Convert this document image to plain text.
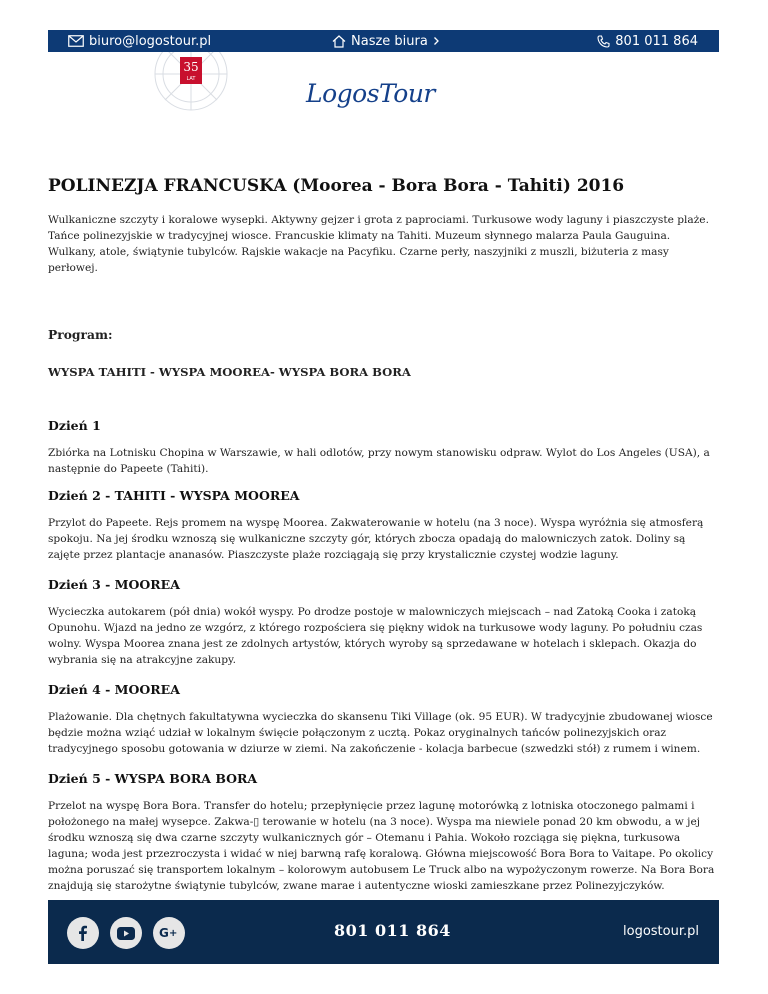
biuro@logostour.pl	Nasze biura	801 011 864
35
LAT	LogosTour
POLINEZJA FRANCUSKA (Moorea - Bora Bora - Tahiti) 2016

Wulkaniczne szczyty i koralowe wysepki. Aktywny gejzer i grota z paprociami. Turkusowe wody laguny i piaszczyste plaże. Tańce polinezyjskie w tradycyjnej wiosce. Francuskie klimaty na Tahiti. Muzeum słynnego malarza Paula Gauguina. Wulkany, atole, świątynie tubylców. Rajskie wakacje na Pacyfiku. Czarne perły, naszyjniki z muszli, biżuteria z masy perłowej.

Program:
WYSPA TAHITI - WYSPA MOOREA- WYSPA BORA BORA
Dzień 1

Zbiórka na Lotnisku Chopina w Warszawie, w hali odlotów, przy nowym stanowisku odpraw. Wylot do Los Angeles (USA), a następnie do Papeete (Tahiti).

Dzień 2 - TAHITI - WYSPA MOOREA

Przylot do Papeete. Rejs promem na wyspę Moorea. Zakwaterowanie w hotelu (na 3 noce). Wyspa wyróżnia się atmosferą spokoju. Na jej środku wznoszą się wulkaniczne szczyty gór, których zbocza opadają do malowniczych zatok. Doliny są zajęte przez plantacje ananasów. Piaszczyste plaże rozciągają się przy krystalicznie czystej wodzie laguny.

Dzień 3 - MOOREA

Wycieczka autokarem (pół dnia) wokół wyspy. Po drodze postoje w malowniczych miejscach – nad Zatoką Cooka i zatoką Opunohu. Wjazd na jedno ze wzgórz, z którego rozpościera się piękny widok na turkusowe wody laguny. Po południu czas wolny. Wyspa Moorea znana jest ze zdolnych artystów, których wyroby są sprzedawane w hotelach i sklepach. Okazja do wybrania się na atrakcyjne zakupy.

Dzień 4 - MOOREA

Plażowanie. Dla chętnych fakultatywna wycieczka do skansenu Tiki Village (ok. 95 EUR). W tradycyjnie zbudowanej wiosce będzie można wziąć udział w lokalnym święcie połączonym z ucztą. Pokaz oryginalnych tańców polinezyjskich oraz tradycyjnego sposobu gotowania w dziurze w ziemi. Na zakończenie - kolacja barbecue (szwedzki stół) z rumem i winem.

Dzień 5 - WYSPA BORA BORA

Przelot na wyspę Bora Bora. Transfer do hotelu; przepłynięcie przez lagunę motorówką z lotniska otoczonego palmami i położonego na małej wysepce. Zakwa-▯ terowanie w hotelu (na 3 noce). Wyspa ma niewiele ponad 20 km obwodu, a w jej środku wznoszą się dwa czarne szczyty wulkanicznych gór – Otemanu i Pahia. Wokoło rozciąga się piękna, turkusowa laguna; woda jest przezroczysta i widać w niej barwną rafę koralową. Główna miejscowość Bora Bora to Vaitape. Po okolicy można poruszać się transportem lokalnym – kolorowym autobusem Le Truck albo na wypożyczonym rowerze. Na Bora Bora znajdują się starożytne świątynie tubylców, zwane marae i autentyczne wioski zamieszkane przez Polinezyjczyków.

G +	801 011 864	logostour.pl
